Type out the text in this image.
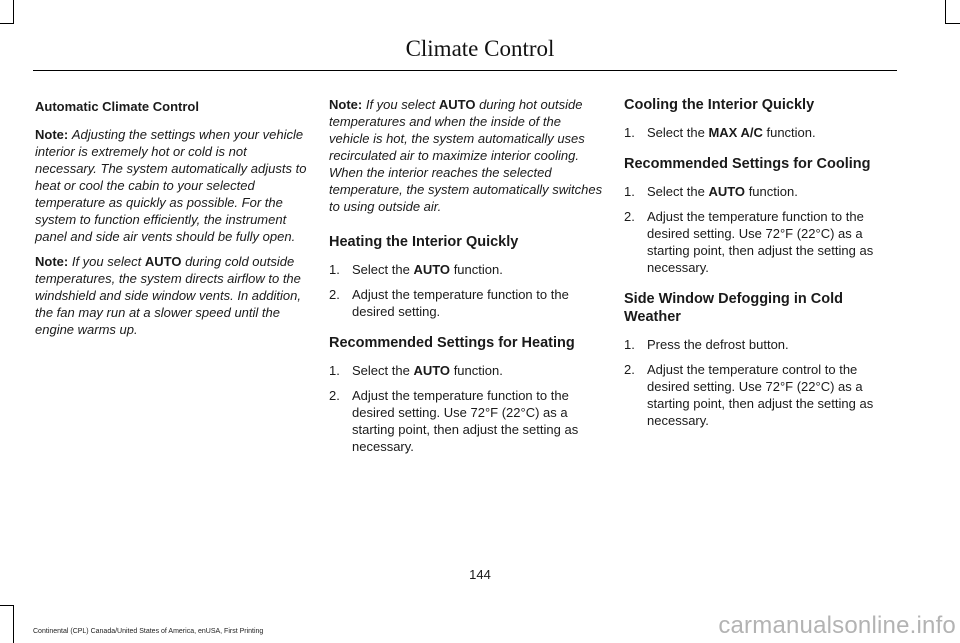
Climate Control
Automatic Climate Control

Note: Adjusting the settings when your vehicle interior is extremely hot or cold is not necessary. The system automatically adjusts to heat or cool the cabin to your selected temperature as quickly as possible. For the system to function efficiently, the instrument panel and side air vents should be fully open.

Note: If you select AUTO during cold outside temperatures, the system directs airflow to the windshield and side window vents. In addition, the fan may run at a slower speed until the engine warms up.

Note: If you select AUTO during hot outside temperatures and when the inside of the vehicle is hot, the system automatically uses recirculated air to maximize interior cooling. When the interior reaches the selected temperature, the system automatically switches to using outside air.

Heating the Interior Quickly
1. Select the AUTO function.
2. Adjust the temperature function to the desired setting.
Recommended Settings for Heating
1. Select the AUTO function.
2. Adjust the temperature function to the desired setting. Use 72°F (22°C) as a starting point, then adjust the setting as necessary.
Cooling the Interior Quickly
1. Select the MAX A/C function.
Recommended Settings for Cooling
1. Select the AUTO function.
2. Adjust the temperature function to the desired setting. Use 72°F (22°C) as a starting point, then adjust the setting as necessary.
Side Window Defogging in Cold Weather
1. Press the defrost button.
2. Adjust the temperature control to the desired setting. Use 72°F (22°C) as a starting point, then adjust the setting as necessary.
144
Continental (CPL) Canada/United States of America, enUSA, First Printing	carmanualsonline.info
